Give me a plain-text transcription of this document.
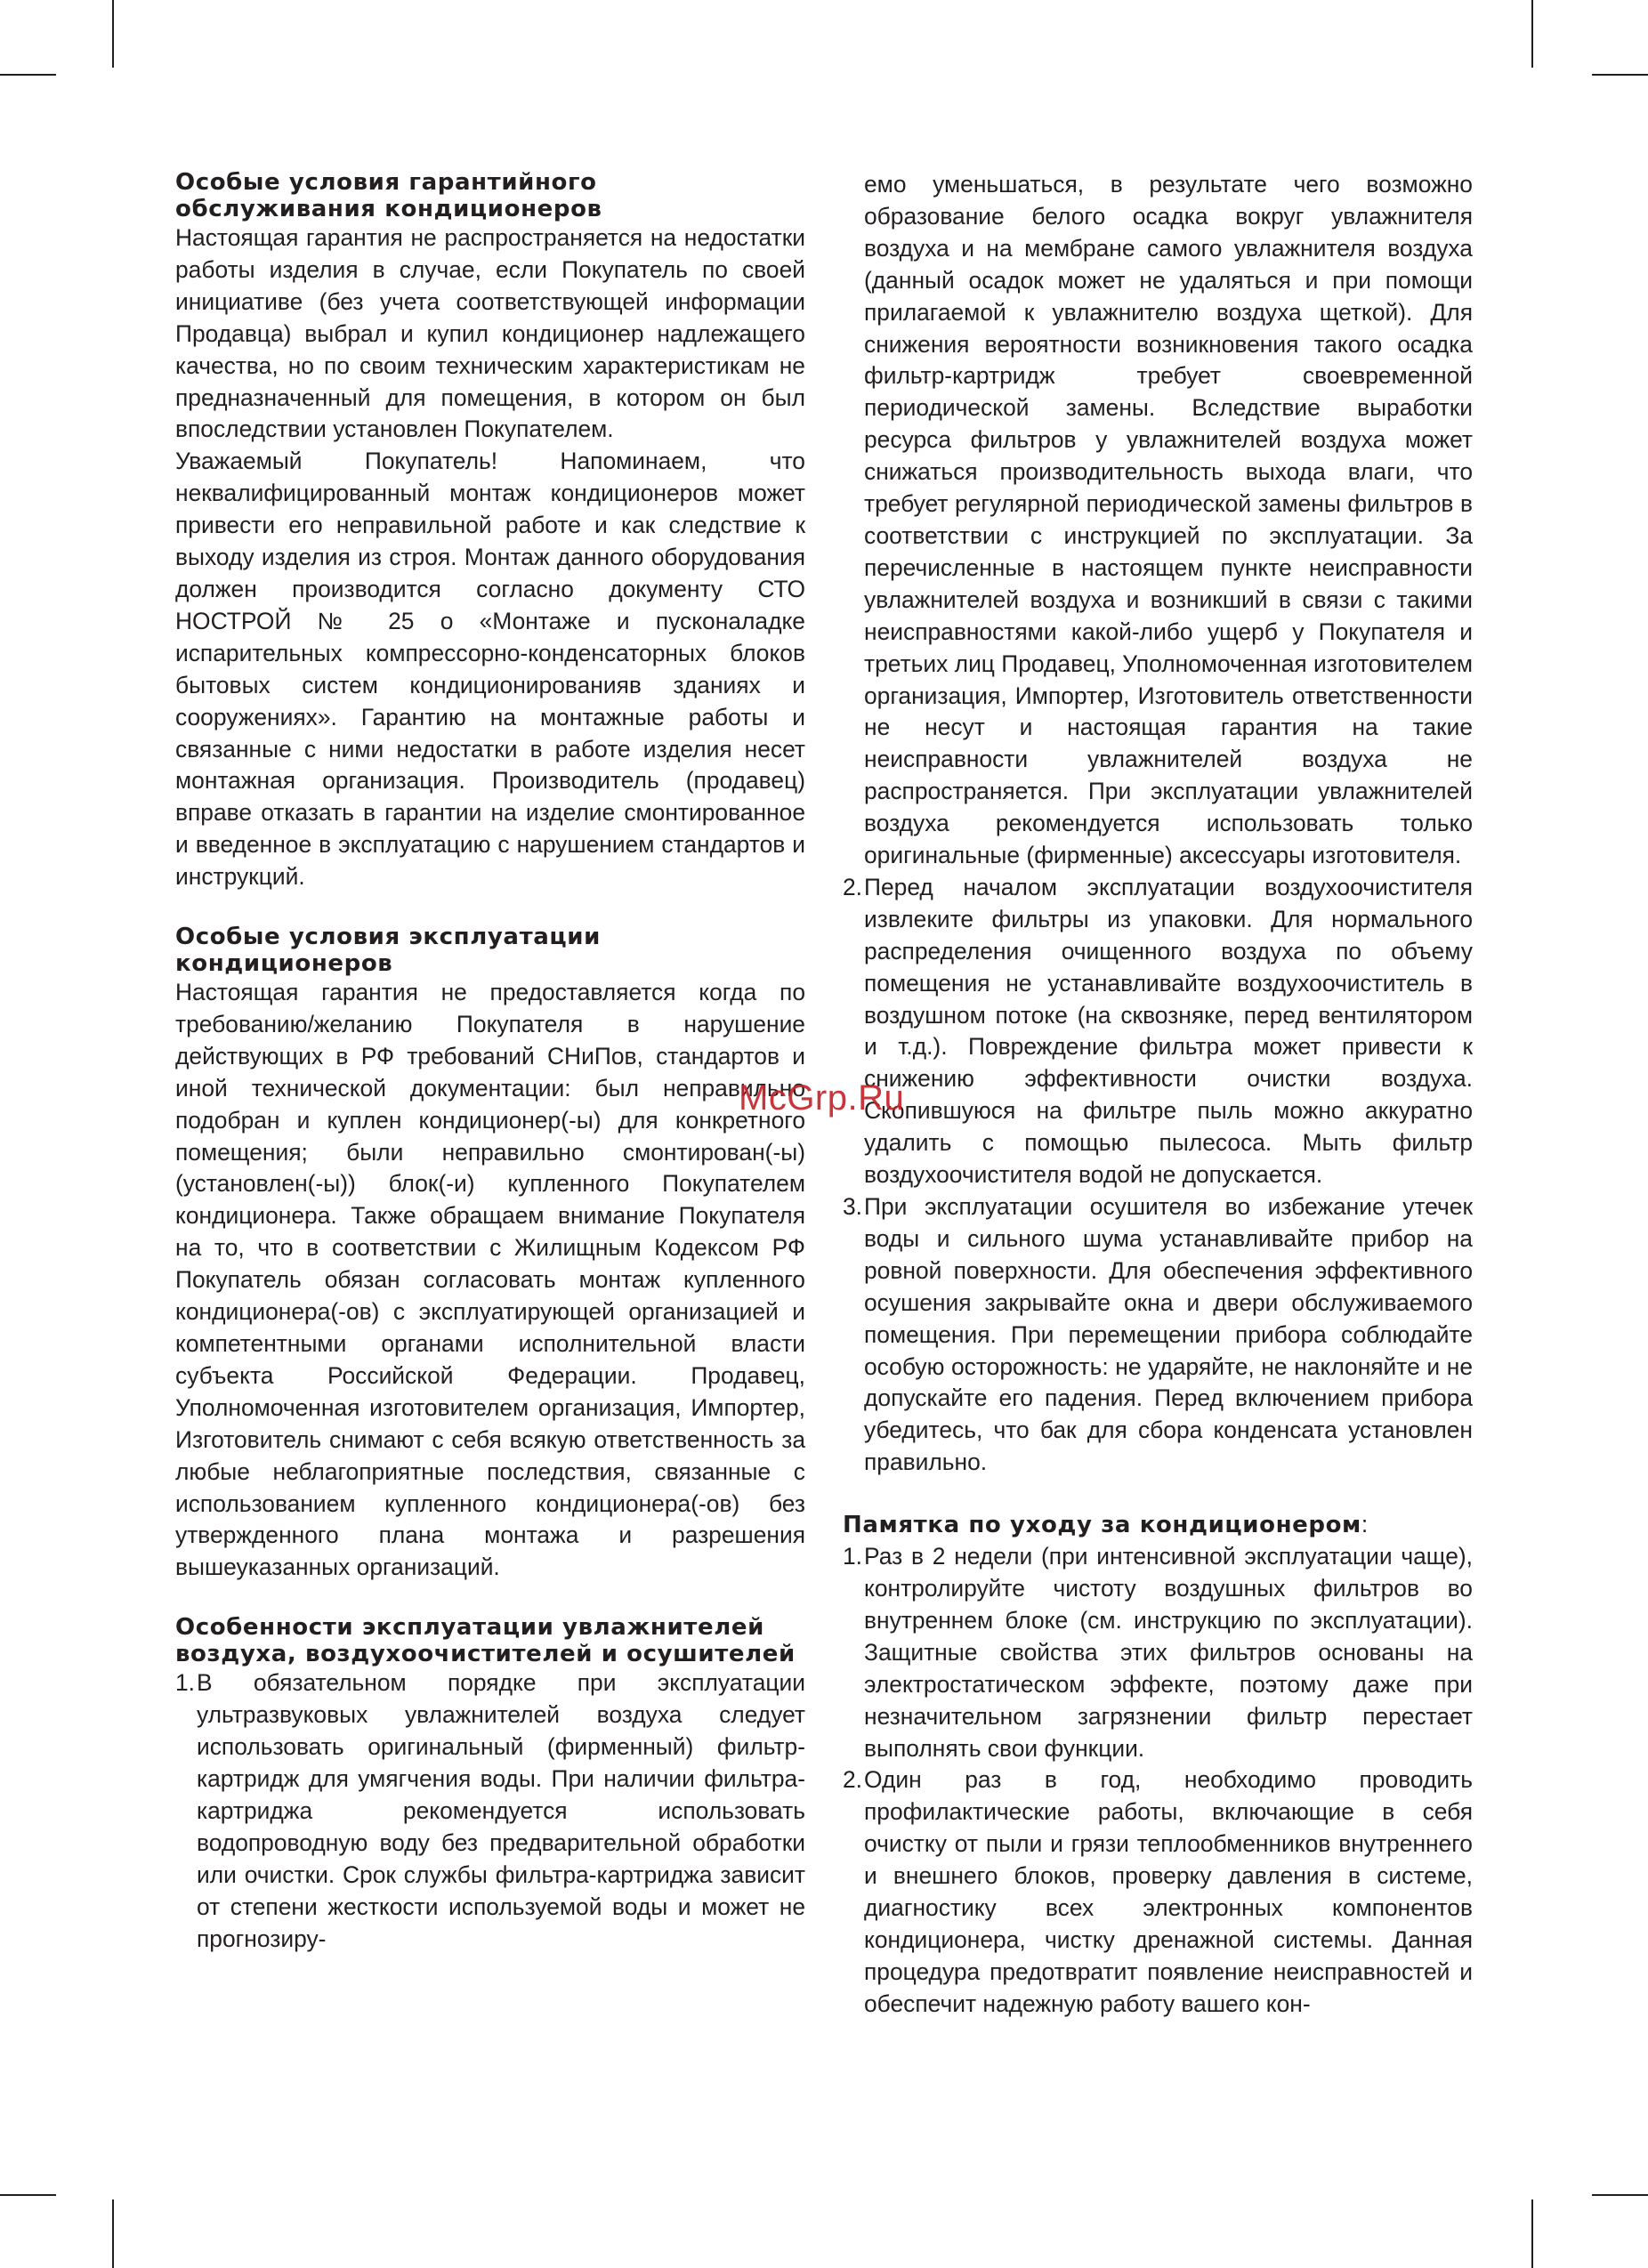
Особые условия гарантийного обслуживания кондиционеров

Настоящая гарантия не распространяется на недостатки работы изделия в случае, если Покупатель по своей инициативе (без учета соответствующей информации Продавца) выбрал и купил кондиционер надлежащего качества, но по своим техническим характеристикам не предназначенный для помещения, в котором он был впоследствии установлен Покупателем.

Уважаемый Покупатель! Напоминаем, что неквалифицированный монтаж кондиционеров может привести его неправильной работе и как следствие к выходу изделия из строя. Монтаж данного оборудования должен производится согласно документу СТО НОСТРОЙ № 25 о «Монтаже и пусконаладке испарительных компрессорно-конденсаторных блоков бытовых систем кондиционированияв зданиях и сооружениях». Гарантию на монтажные работы и связанные с ними недостатки в работе изделия несет монтажная организация. Производитель (продавец) вправе отказать в гарантии на изделие смонтированное и введенное в эксплуатацию с нарушением стандартов и инструкций.

Особые условия эксплуатации кондиционеров

Настоящая гарантия не предоставляется когда по требованию/желанию Покупателя в нарушение действующих в РФ требований СНиПов, стандартов и иной технической документации: был неправильно подобран и куплен кондиционер(-ы) для конкретного помещения; были неправильно смонтирован(-ы) (установлен(-ы)) блок(-и) купленного Покупателем кондиционера. Также обращаем внимание Покупателя на то, что в соответствии с Жилищным Кодексом РФ Покупатель обязан согласовать монтаж купленного кондиционера(-ов) с эксплуатирующей организацией и компетентными органами исполнительной власти субъекта Российской Федерации. Продавец, Уполномоченная изготовителем организация, Импортер, Изготовитель снимают с себя всякую ответственность за любые неблагоприятные последствия, связанные с использованием купленного кондиционера(-ов) без утвержденного плана монтажа и разрешения вышеуказанных организаций.

Особенности эксплуатации увлажнителей воздуха, воздухоочистителей и осушителей
1. В обязательном порядке при эксплуатации ультразвуковых увлажнителей воздуха следует использовать оригинальный (фирменный) фильтр-картридж для умягчения воды. При наличии фильтра-картриджа рекомендуется использовать водопроводную воду без предварительной обработки или очистки. Срок службы фильтра-картриджа зависит от степени жесткости используемой воды и может не прогнозиру-

емо уменьшаться, в результате чего возможно образование белого осадка вокруг увлажнителя воздуха и на мембране самого увлажнителя воздуха (данный осадок может не удаляться и при помощи прилагаемой к увлажнителю воздуха щеткой). Для снижения вероятности возникновения такого осадка фильтр-картридж требует своевременной периодической замены. Вследствие выработки ресурса фильтров у увлажнителей воздуха может снижаться производительность выхода влаги, что требует регулярной периодической замены фильтров в соответствии с инструкцией по эксплуатации. За перечисленные в настоящем пункте неисправности увлажнителей воздуха и возникший в связи с такими неисправностями какой-либо ущерб у Покупателя и третьих лиц Продавец, Уполномоченная изготовителем организация, Импортер, Изготовитель ответственности не несут и настоящая гарантия на такие неисправности увлажнителей воздуха не распространяется. При эксплуатации увлажнителей воздуха рекомендуется использовать только оригинальные (фирменные) аксессуары изготовителя.

2. Перед началом эксплуатации воздухоочистителя извлеките фильтры из упаковки. Для нормального распределения очищенного воздуха по объему помещения не устанавливайте воздухоочиститель в воздушном потоке (на сквозняке, перед вентилятором и т.д.). Повреждение фильтра может привести к снижению эффективности очистки воздуха. Скопившуюся на фильтре пыль можно аккуратно удалить с помощью пылесоса. Мыть фильтр воздухоочистителя водой не допускается.
3. При эксплуатации осушителя во избежание утечек воды и сильного шума устанавливайте прибор на ровной поверхности. Для обеспечения эффективного осушения закрывайте окна и двери обслуживаемого помещения. При перемещении прибора соблюдайте особую осторожность: не ударяйте, не наклоняйте и не допускайте его падения. Перед включением прибора убедитесь, что бак для сбора конденсата установлен правильно.
Памятка по уходу за кондиционером:
1. Раз в 2 недели (при интенсивной эксплуатации чаще), контролируйте чистоту воздушных фильтров во внутреннем блоке (см. инструкцию по эксплуатации). Защитные свойства этих фильтров основаны на электростатическом эффекте, поэтому даже при незначительном загрязнении фильтр перестает выполнять свои функции.
2. Один раз в год, необходимо проводить профилактические работы, включающие в себя очистку от пыли и грязи теплообменников внутреннего и внешнего блоков, проверку давления в системе, диагностику всех электронных компонентов кондиционера, чистку дренажной системы. Данная процедура предотвратит появление неисправностей и обеспечит надежную работу вашего кон-
McGrp.Ru
